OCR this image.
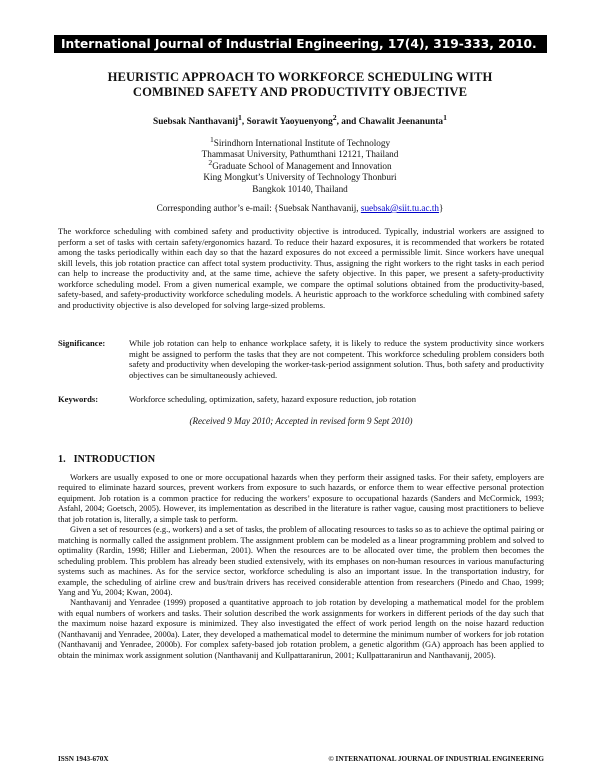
International Journal of Industrial Engineering, 17(4), 319-333, 2010.
HEURISTIC APPROACH TO WORKFORCE SCHEDULING WITH
COMBINED SAFETY AND PRODUCTIVITY OBJECTIVE
Suebsak Nanthavanij$^1$, Sorawit Yaoyuenyong$^2$, and Chawalit Jeenanunta$^1$
$^1$Sirindhorn International Institute of Technology
Thammasat University, Pathumthani 12121, Thailand
$^2$Graduate School of Management and Innovation
King Mongkut’s University of Technology Thonburi
Bangkok 10140, Thailand
Corresponding author’s e-mail: {Suebsak Nanthavanij, suebsak@siit.tu.ac.th}

The workforce scheduling with combined safety and productivity objective is introduced. Typically, industrial workers are assigned to perform a set of tasks with certain safety/ergonomics hazard. To reduce their hazard exposures, it is recommended that workers be rotated among the tasks periodically within each day so that the hazard exposures do not exceed a permissible limit. Since workers have unequal skill levels, this job rotation practice can affect total system productivity. Thus, assigning the right workers to the right tasks in each period can help to increase the productivity and, at the same time, achieve the safety objective. In this paper, we present a safety-productivity workforce scheduling model. From a given numerical example, we compare the optimal solutions obtained from the productivity-based, safety-based, and safety-productivity workforce scheduling models. A heuristic approach to the workforce scheduling with combined safety and productivity objective is also developed for solving large-sized problems.

Significance:	While job rotation can help to enhance workplace safety, it is likely to reduce the system productivity since workers might be assigned to perform the tasks that they are not competent. This workforce scheduling problem considers both safety and productivity when developing the worker-task-period assignment solution. Thus, both safety and productivity objectives can be simultaneously achieved.
Keywords:	Workforce scheduling, optimization, safety, hazard exposure reduction, job rotation
(Received 9 May 2010; Accepted in revised form 9 Sept 2010)
1. INTRODUCTION

Workers are usually exposed to one or more occupational hazards when they perform their assigned tasks. For their safety, employers are required to eliminate hazard sources, prevent workers from exposure to such hazards, or enforce them to wear effective personal protection equipment. Job rotation is a common practice for reducing the workers’ exposure to occupational hazards (Sanders and McCormick, 1993; Asfahl, 2004; Goetsch, 2005). However, its implementation as described in the literature is rather vague, causing most practitioners to believe that job rotation is, literally, a simple task to perform.

Given a set of resources (e.g., workers) and a set of tasks, the problem of allocating resources to tasks so as to achieve the optimal pairing or matching is normally called the assignment problem. The assignment problem can be modeled as a linear programming problem and solved to optimality (Rardin, 1998; Hiller and Lieberman, 2001). When the resources are to be allocated over time, the problem then becomes the scheduling problem. This problem has already been studied extensively, with its emphases on non-human resources in various manufacturing systems such as machines. As for the service sector, workforce scheduling is also an important issue. In the transportation industry, for example, the scheduling of airline crew and bus/train drivers has received considerable attention from researchers (Pinedo and Chao, 1999; Yang and Yu, 2004; Kwan, 2004).

Nanthavanij and Yenradee (1999) proposed a quantitative approach to job rotation by developing a mathematical model for the problem with equal numbers of workers and tasks. Their solution described the work assignments for workers in different periods of the day such that the maximum noise hazard exposure is minimized. They also investigated the effect of work period length on the noise hazard reduction (Nanthavanij and Yenradee, 2000a). Later, they developed a mathematical model to determine the minimum number of workers for job rotation (Nanthavanij and Yenradee, 2000b). For complex safety-based job rotation problem, a genetic algorithm (GA) approach has been applied to obtain the minimax work assignment solution (Nanthavanij and Kullpattaranirun, 2001; Kullpattaranirun and Nanthavanij, 2005).

ISSN 1943-670X	© INTERNATIONAL JOURNAL OF INDUSTRIAL ENGINEERING
